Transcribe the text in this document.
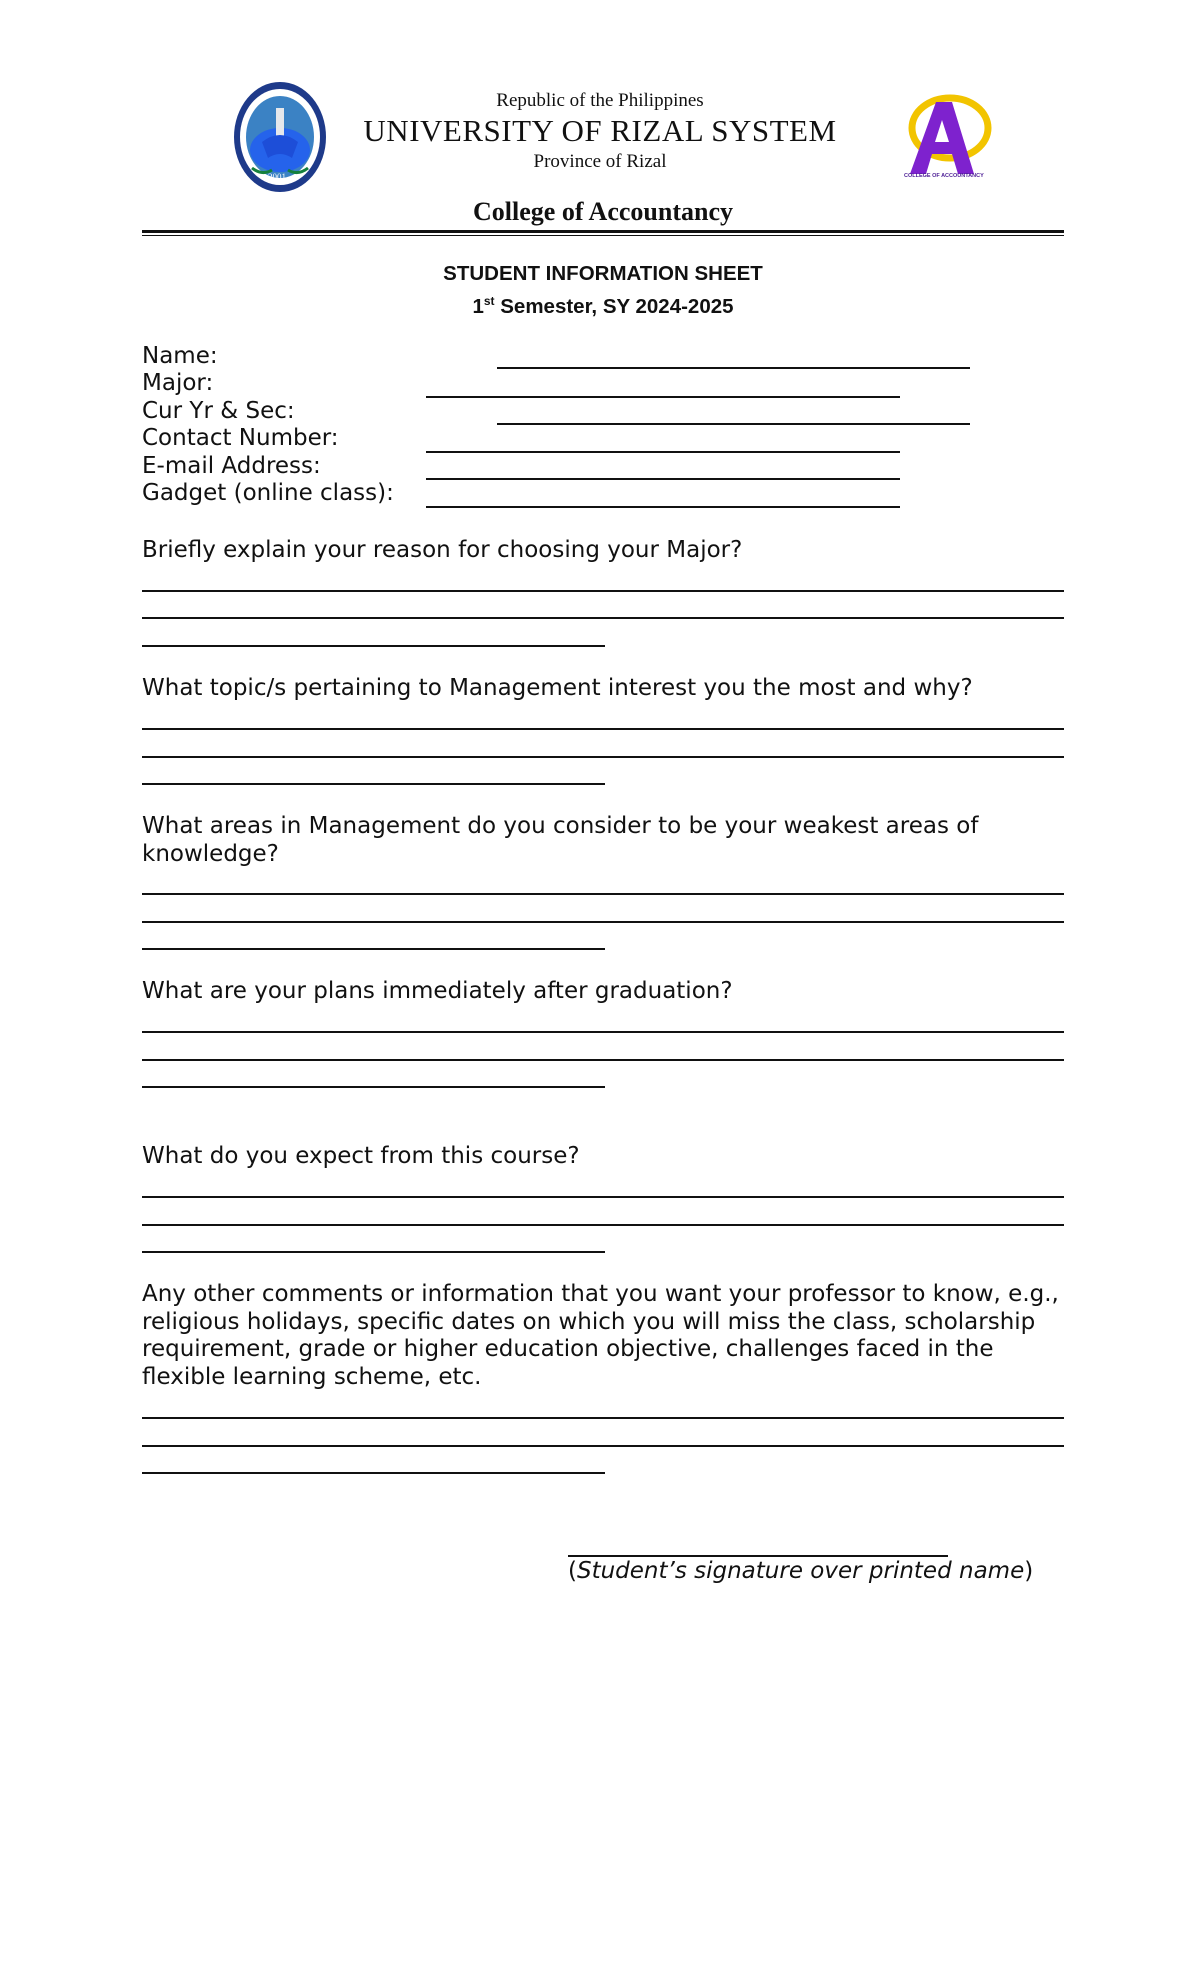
2001
Republic of the Philippines
UNIVERSITY OF RIZAL SYSTEM
Province of Rizal
COLLEGE OF ACCOUNTANCY
College of Accountancy
STUDENT INFORMATION SHEET
1st Semester, SY 2024-2025
Name:
Major:
Cur Yr & Sec:
Contact Number:
E-mail Address:
Gadget (online class):
Briefly explain your reason for choosing your Major?
What topic/s pertaining to Management interest you the most and why?
What areas in Management do you consider to be your weakest areas of knowledge?
What are your plans immediately after graduation?
What do you expect from this course?
Any other comments or information that you want your professor to know, e.g., religious holidays, specific dates on which you will miss the class, scholarship requirement, grade or higher education objective, challenges faced in the flexible learning scheme, etc.
(Student’s signature over printed name)
